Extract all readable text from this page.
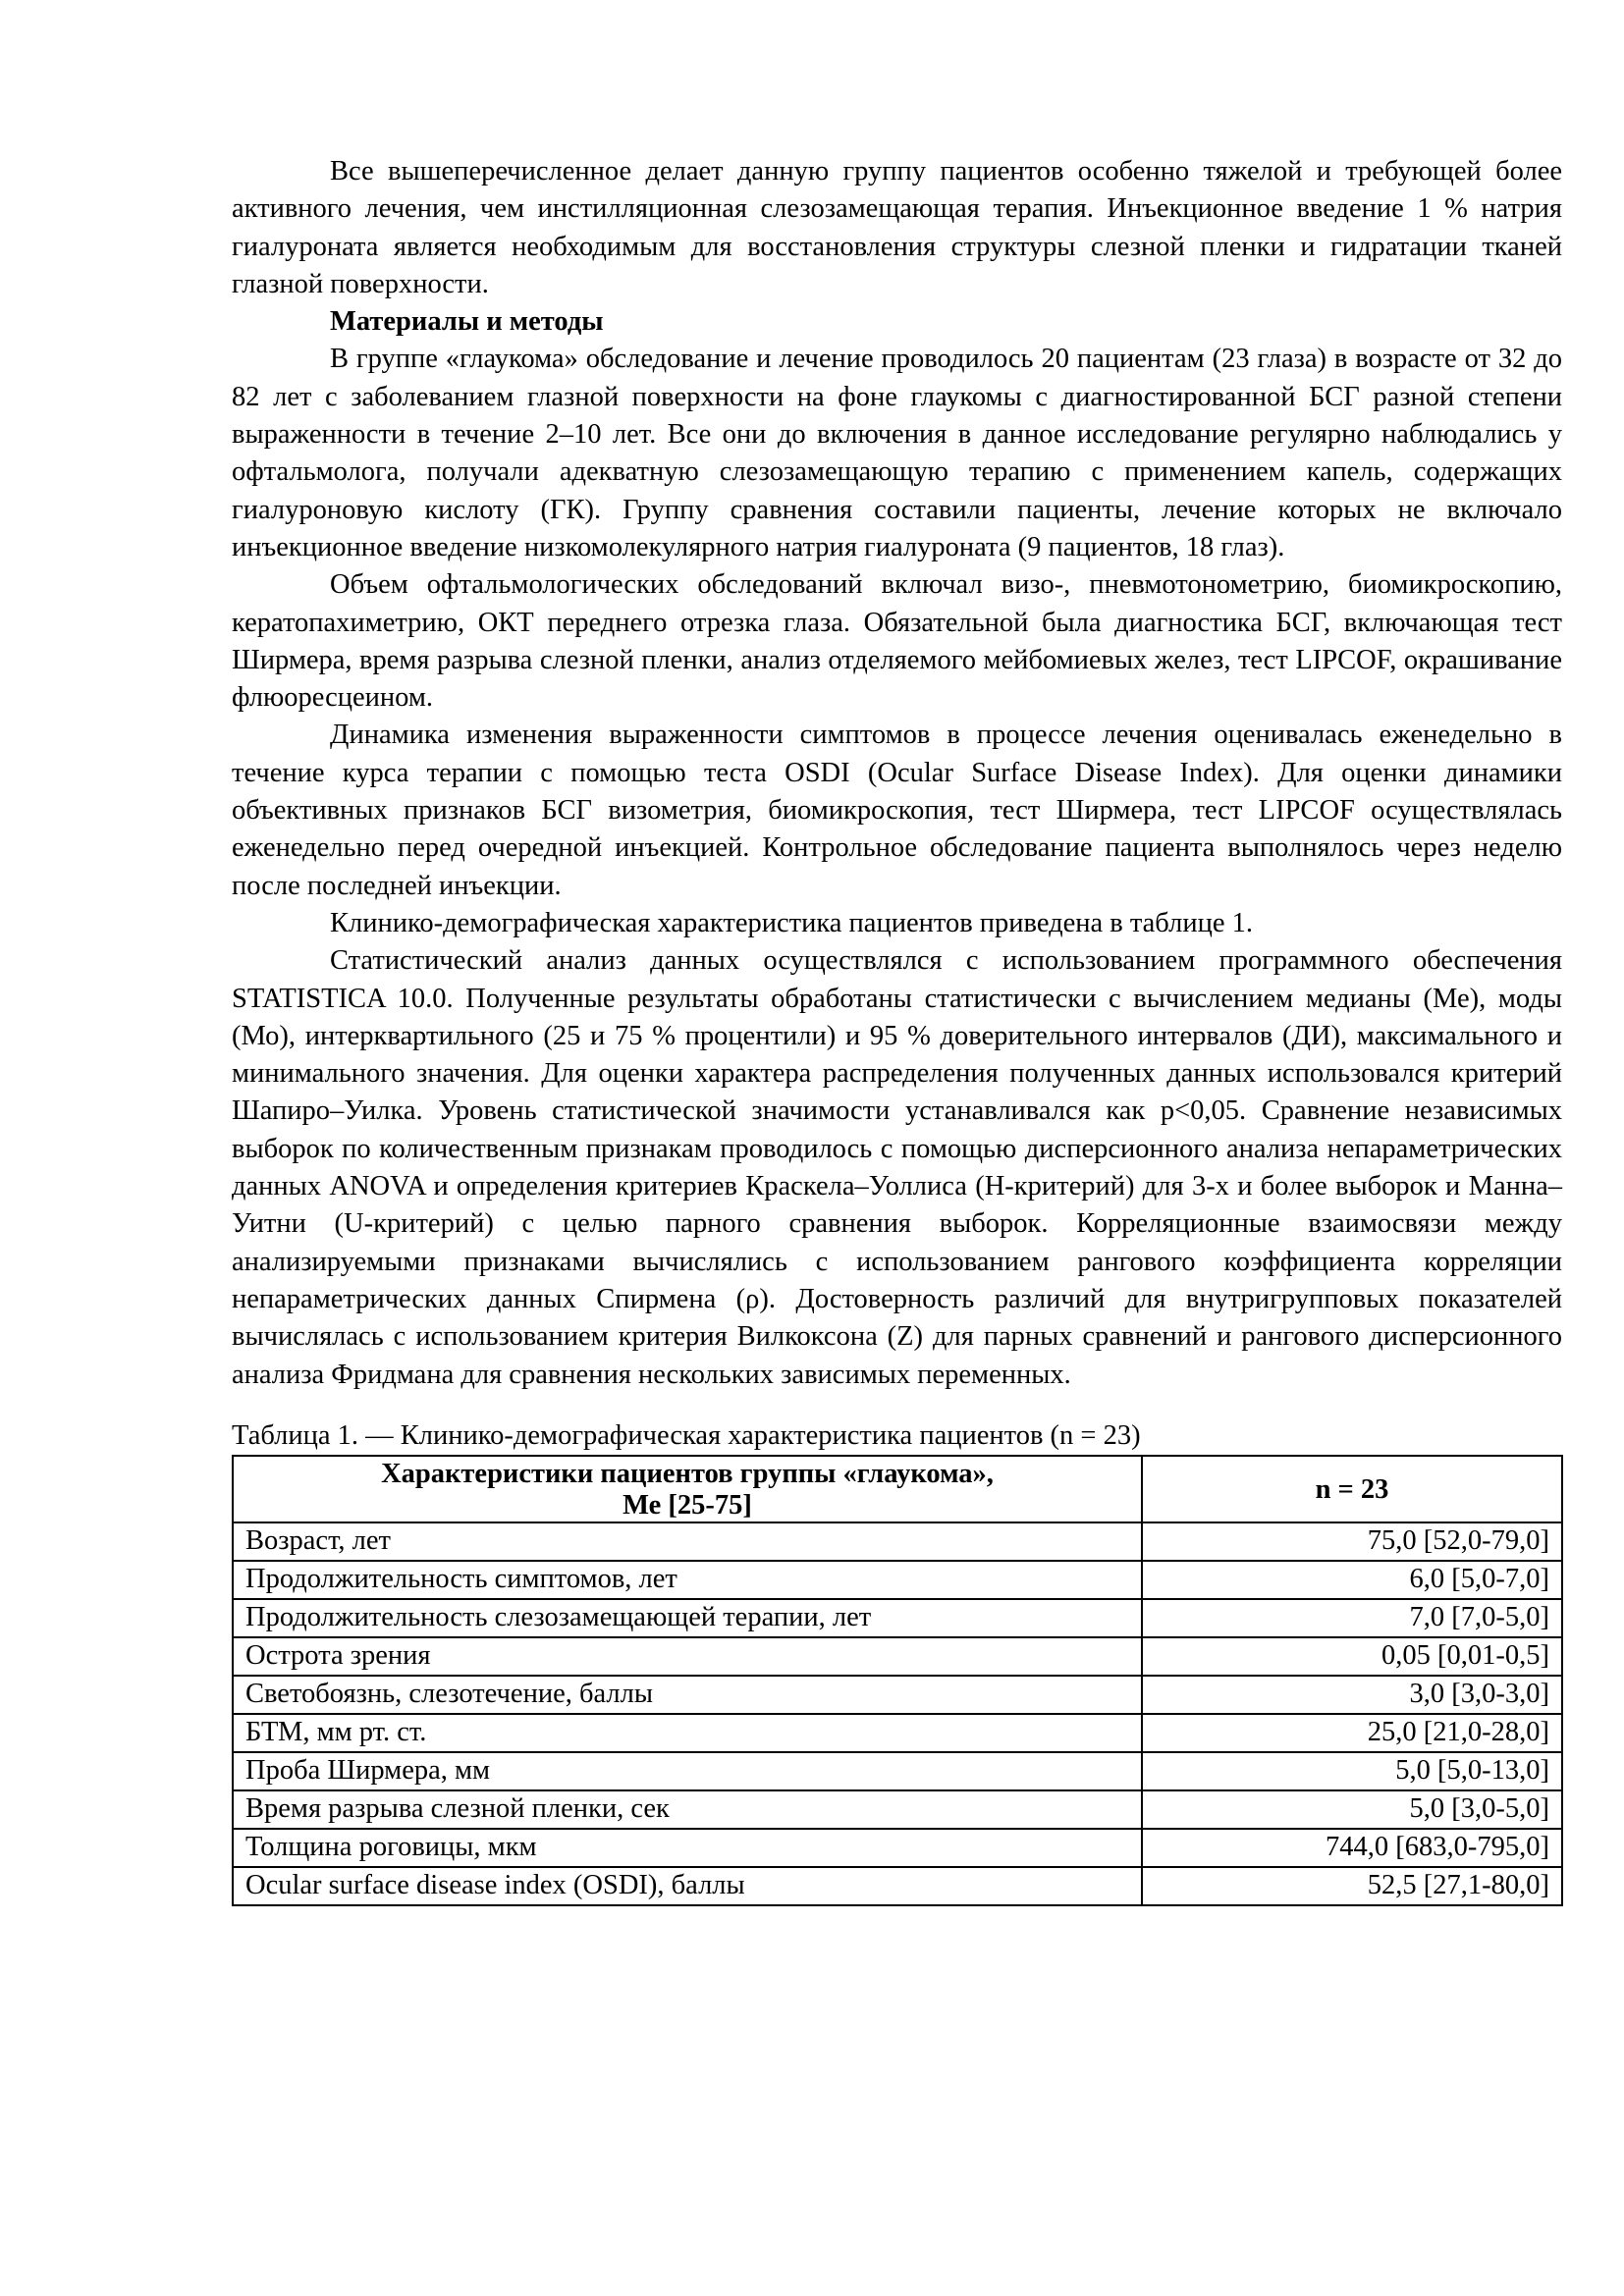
Все вышеперечисленное делает данную группу пациентов особенно тяжелой и требующей более активного лечения, чем инстилляционная слезозамещающая терапия. Инъекционное введение 1 % натрия гиалуроната является необходимым для восстановления структуры слезной пленки и гидратации тканей глазной поверхности.

Материалы и методы

В группе «глаукома» обследование и лечение проводилось 20 пациентам (23 глаза) в возрасте от 32 до 82 лет с заболеванием глазной поверхности на фоне глаукомы с диагностированной БСГ разной степени выраженности в течение 2–10 лет. Все они до включения в данное исследование регулярно наблюдались у офтальмолога, получали адекватную слезозамещающую терапию с применением капель, содержащих гиалуроновую кислоту (ГК). Группу сравнения составили пациенты, лечение которых не включало инъекционное введение низкомолекулярного натрия гиалуроната (9 пациентов, 18 глаз).

Объем офтальмологических обследований включал визо-, пневмотонометрию, биомикроскопию, кератопахиметрию, ОКТ переднего отрезка глаза. Обязательной была диагностика БСГ, включающая тест Ширмера, время разрыва слезной пленки, анализ отделяемого мейбомиевых желез, тест LIPCOF, окрашивание флюоресцеином.

Динамика изменения выраженности симптомов в процессе лечения оценивалась еженедельно в течение курса терапии с помощью теста OSDI (Ocular Surface Disease Index). Для оценки динамики объективных признаков БСГ визометрия, биомикроскопия, тест Ширмера, тест LIPCOF осуществлялась еженедельно перед очередной инъекцией. Контрольное обследование пациента выполнялось через неделю после последней инъекции.

Клинико-демографическая характеристика пациентов приведена в таблице 1.

Статистический анализ данных осуществлялся с использованием программного обеспечения STATISTICA 10.0. Полученные результаты обработаны статистически с вычислением медианы (Ме), моды (Мо), интерквартильного (25 и 75 % процентили) и 95 % доверительного интервалов (ДИ), максимального и минимального значения. Для оценки характера распределения полученных данных использовался критерий Шапиро–Уилка. Уровень статистической значимости устанавливался как p<0,05. Сравнение независимых выборок по количественным признакам проводилось с помощью дисперсионного анализа непараметрических данных ANOVA и определения критериев Краскела–Уоллиса (H-критерий) для 3-х и более выборок и Манна–Уитни (U-критерий) с целью парного сравнения выборок. Корреляционные взаимосвязи между анализируемыми признаками вычислялись с использованием рангового коэффициента корреляции непараметрических данных Спирмена (ρ). Достоверность различий для внутригрупповых показателей вычислялась с использованием критерия Вилкоксона (Z) для парных сравнений и рангового дисперсионного анализа Фридмана для сравнения нескольких зависимых переменных.

Таблица 1. — Клинико-демографическая характеристика пациентов (n = 23)
Характеристики пациентов группы «глаукома»,
Ме [25-75]	n = 23
Возраст, лет	75,0 [52,0-79,0]
Продолжительность симптомов, лет	6,0 [5,0-7,0]
Продолжительность слезозамещающей терапии, лет	7,0 [7,0-5,0]
Острота зрения	0,05 [0,01-0,5]
Светобоязнь, слезотечение, баллы	3,0 [3,0-3,0]
БТМ, мм рт. ст.	25,0 [21,0-28,0]
Проба Ширмера, мм	5,0 [5,0-13,0]
Время разрыва слезной пленки, сек	5,0 [3,0-5,0]
Толщина роговицы, мкм	744,0 [683,0-795,0]
Ocular surface disease index (OSDI), баллы	52,5 [27,1-80,0]
